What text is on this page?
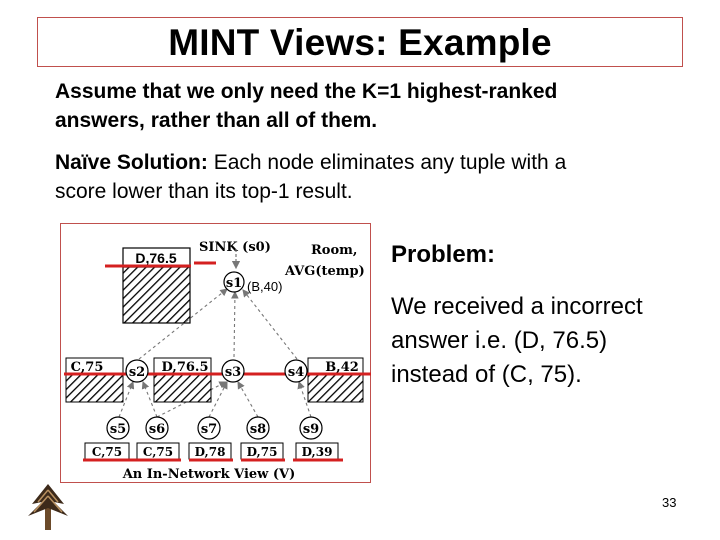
MINT Views: Example
Assume that we only need the K=1 highest-ranked
answers, rather than all of them.
Naïve Solution: Each node eliminates any tuple with a
score lower than its top-1 result.
D,76.5
SINK (s0)	Room,
AVG(temp)
(B,40)
s1
C,75	D,76.5	B,42
s2	s3	s4
s5 s6	s7	s8	s9
C,75 C,75 D,78 D,75 D,39
An In-Network View (V)
Problem:
We received a incorrect
answer i.e. (D, 76.5)
instead of (C, 75).
33
